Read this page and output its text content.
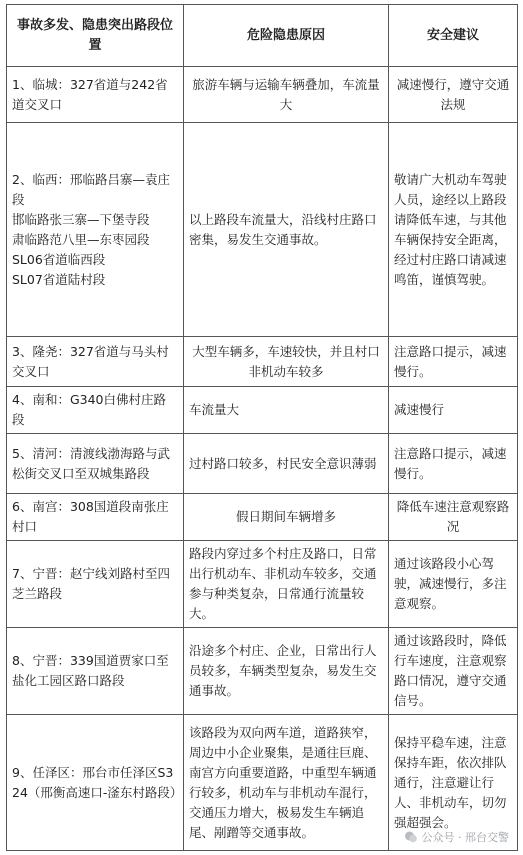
事故多发、隐患突出路段位置	危险隐患原因	安全建议

1、临城：327省道与242省道交叉口	旅游车辆与运输车辆叠加，车流量大	减速慢行，遵守交通法规

2、临西：邢临路吕寨—袁庄段
邯临路张三寨—下堡寺段
肃临路范八里—东枣园段
SL06省道临西段
SL07省道陆村段	以上路段车流量大，沿线村庄路口密集，易发生交通事故。	敬请广大机动车驾驶人员，途经以上路段请降低车速，与其他车辆保持安全距离，经过村庄路口请减速鸣笛，谨慎驾驶。

3、隆尧：327省道与马头村交叉口	大型车辆多，车速较快，并且村口非机动车较多	注意路口提示，减速慢行。

4、南和：G340白佛村庄路段	车流量大	减速慢行

5、清河：清渡线渤海路与武松街交叉口至双城集路段	过村路口较多，村民安全意识薄弱	注意路口提示，减速慢行。

6、南宫：308国道段南张庄村口	假日期间车辆增多	降低车速注意观察路况

7、宁晋：赵宁线刘路村至四芝兰路段	路段内穿过多个村庄及路口，日常出行机动车、非机动车较多，交通参与种类复杂，日常通行流量较大。	通过该路段小心驾驶，减速慢行，多注意观察。

8、宁晋：339国道贾家口至盐化工园区路口路段	沿途多个村庄、企业，日常出行人员较多，车辆类型复杂，易发生交通事故。	通过该路段时，降低行车速度，注意观察路口情况，遵守交通信号。

9、任泽区：邢台市任泽区S324（邢衡高速口-滏东村路段）	该路段为双向两车道，道路狭窄，周边中小企业聚集，是通往巨鹿、南宫方向重要道路，中重型车辆通行较多，机动车与非机动车混行，交通压力增大，极易发生车辆追尾、剐蹭等交通事故。	保持平稳车速，注意保持车距，依次排队通行，注意避让行人、非机动车，切勿强超强会。
公众号 · 邢台交警
